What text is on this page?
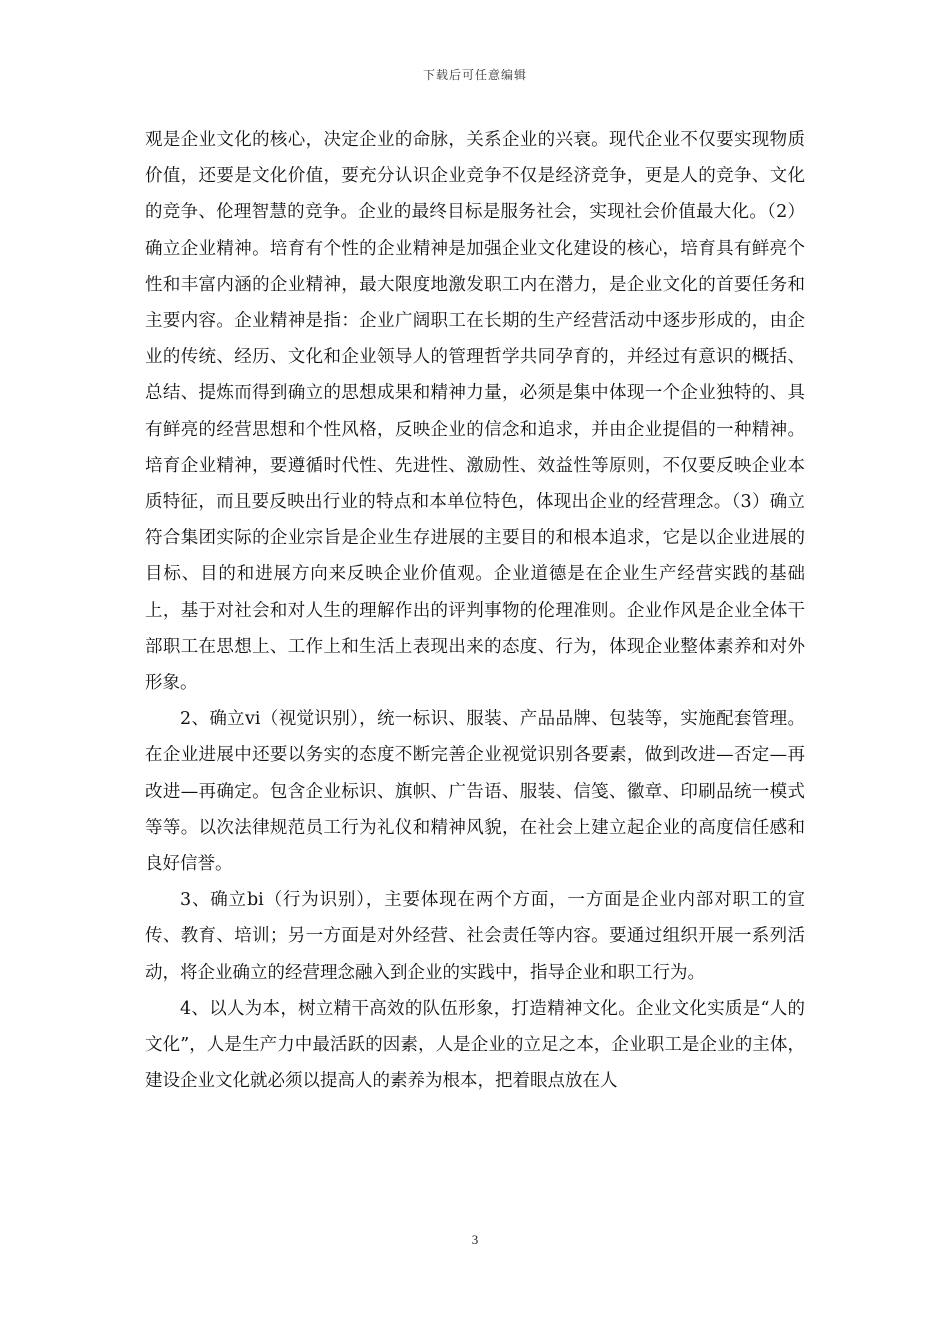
下载后可任意编辑

观是企业文化的核心，决定企业的命脉，关系企业的兴衰。现代企业不仅要实现物质价值，还要是文化价值，要充分认识企业竞争不仅是经济竞争，更是人的竞争、文化的竞争、伦理智慧的竞争。企业的最终目标是服务社会，实现社会价值最大化。（2）确立企业精神。培育有个性的企业精神是加强企业文化建设的核心，培育具有鲜亮个性和丰富内涵的企业精神，最大限度地激发职工内在潜力，是企业文化的首要任务和主要内容。企业精神是指：企业广阔职工在长期的生产经营活动中逐步形成的，由企业的传统、经历、文化和企业领导人的管理哲学共同孕育的，并经过有意识的概括、总结、提炼而得到确立的思想成果和精神力量，必须是集中体现一个企业独特的、具有鲜亮的经营思想和个性风格，反映企业的信念和追求，并由企业提倡的一种精神。培育企业精神，要遵循时代性、先进性、激励性、效益性等原则，不仅要反映企业本质特征，而且要反映出行业的特点和本单位特色，体现出企业的经营理念。（3）确立符合集团实际的企业宗旨是企业生存进展的主要目的和根本追求，它是以企业进展的目标、目的和进展方向来反映企业价值观。企业道德是在企业生产经营实践的基础上，基于对社会和对人生的理解作出的评判事物的伦理准则。企业作风是企业全体干部职工在思想上、工作上和生活上表现出来的态度、行为，体现企业整体素养和对外形象。

2、确立vi（视觉识别），统一标识、服装、产品品牌、包装等，实施配套管理。在企业进展中还要以务实的态度不断完善企业视觉识别各要素，做到改进—否定—再改进—再确定。包含企业标识、旗帜、广告语、服装、信笺、徽章、印刷品统一模式等等。以次法律规范员工行为礼仪和精神风貌，在社会上建立起企业的高度信任感和良好信誉。

3、确立bi（行为识别），主要体现在两个方面，一方面是企业内部对职工的宣传、教育、培训；另一方面是对外经营、社会责任等内容。要通过组织开展一系列活动，将企业确立的经营理念融入到企业的实践中，指导企业和职工行为。

4、以人为本，树立精干高效的队伍形象，打造精神文化。企业文化实质是“人的文化”，人是生产力中最活跃的因素，人是企业的立足之本，企业职工是企业的主体，建设企业文化就必须以提高人的素养为根本，把着眼点放在人

3
